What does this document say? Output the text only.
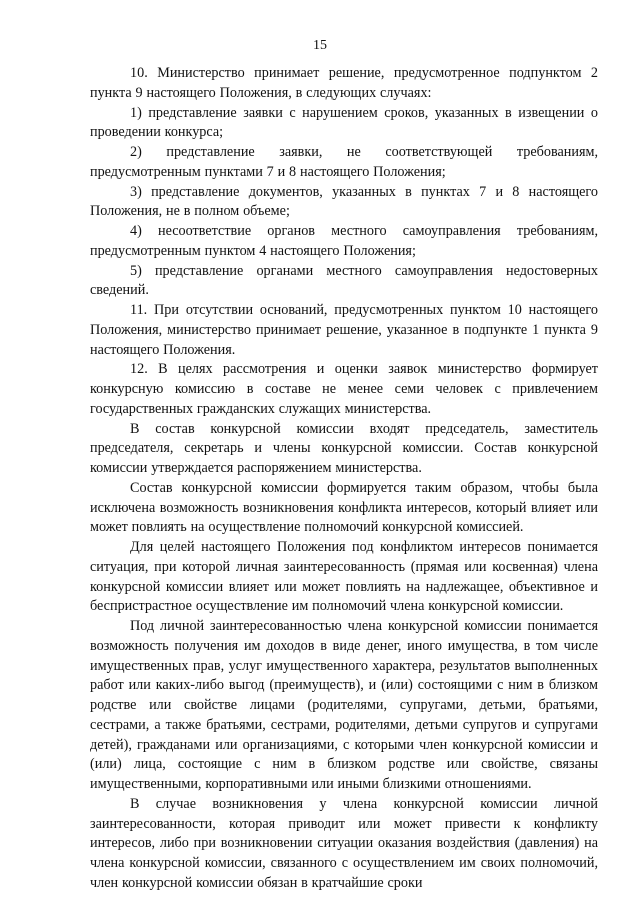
15

10. Министерство принимает решение, предусмотренное подпунктом 2 пункта 9 настоящего Положения, в следующих случаях:

1) представление заявки с нарушением сроков, указанных в извещении о проведении конкурса;

2) представление заявки, не соответствующей требованиям, предусмотренным пунктами 7 и 8 настоящего Положения;

3) представление документов, указанных в пунктах 7 и 8 настоящего Положения, не в полном объеме;

4) несоответствие органов местного самоуправления требованиям, предусмотренным пунктом 4 настоящего Положения;

5) представление органами местного самоуправления недостоверных сведений.

11. При отсутствии оснований, предусмотренных пунктом 10 настоящего Положения, министерство принимает решение, указанное в подпункте 1 пункта 9 настоящего Положения.

12. В целях рассмотрения и оценки заявок министерство формирует конкурсную комиссию в составе не менее семи человек с привлечением государственных гражданских служащих министерства.

В состав конкурсной комиссии входят председатель, заместитель председателя, секретарь и члены конкурсной комиссии. Состав конкурсной комиссии утверждается распоряжением министерства.

Состав конкурсной комиссии формируется таким образом, чтобы была исключена возможность возникновения конфликта интересов, который влияет или может повлиять на осуществление полномочий конкурсной комиссией.

Для целей настоящего Положения под конфликтом интересов понимается ситуация, при которой личная заинтересованность (прямая или косвенная) члена конкурсной комиссии влияет или может повлиять на надлежащее, объективное и беспристрастное осуществление им полномочий члена конкурсной комиссии.

Под личной заинтересованностью члена конкурсной комиссии понимается возможность получения им доходов в виде денег, иного имущества, в том числе имущественных прав, услуг имущественного характера, результатов выполненных работ или каких-либо выгод (преимуществ), и (или) состоящими с ним в близком родстве или свойстве лицами (родителями, супругами, детьми, братьями, сестрами, а также братьями, сестрами, родителями, детьми супругов и супругами детей), гражданами или организациями, с которыми член конкурсной комиссии и (или) лица, состоящие с ним в близком родстве или свойстве, связаны имущественными, корпоративными или иными близкими отношениями.

В случае возникновения у члена конкурсной комиссии личной заинтересованности, которая приводит или может привести к конфликту интересов, либо при возникновении ситуации оказания воздействия (давления) на члена конкурсной комиссии, связанного с осуществлением им своих полномочий, член конкурсной комиссии обязан в кратчайшие сроки
